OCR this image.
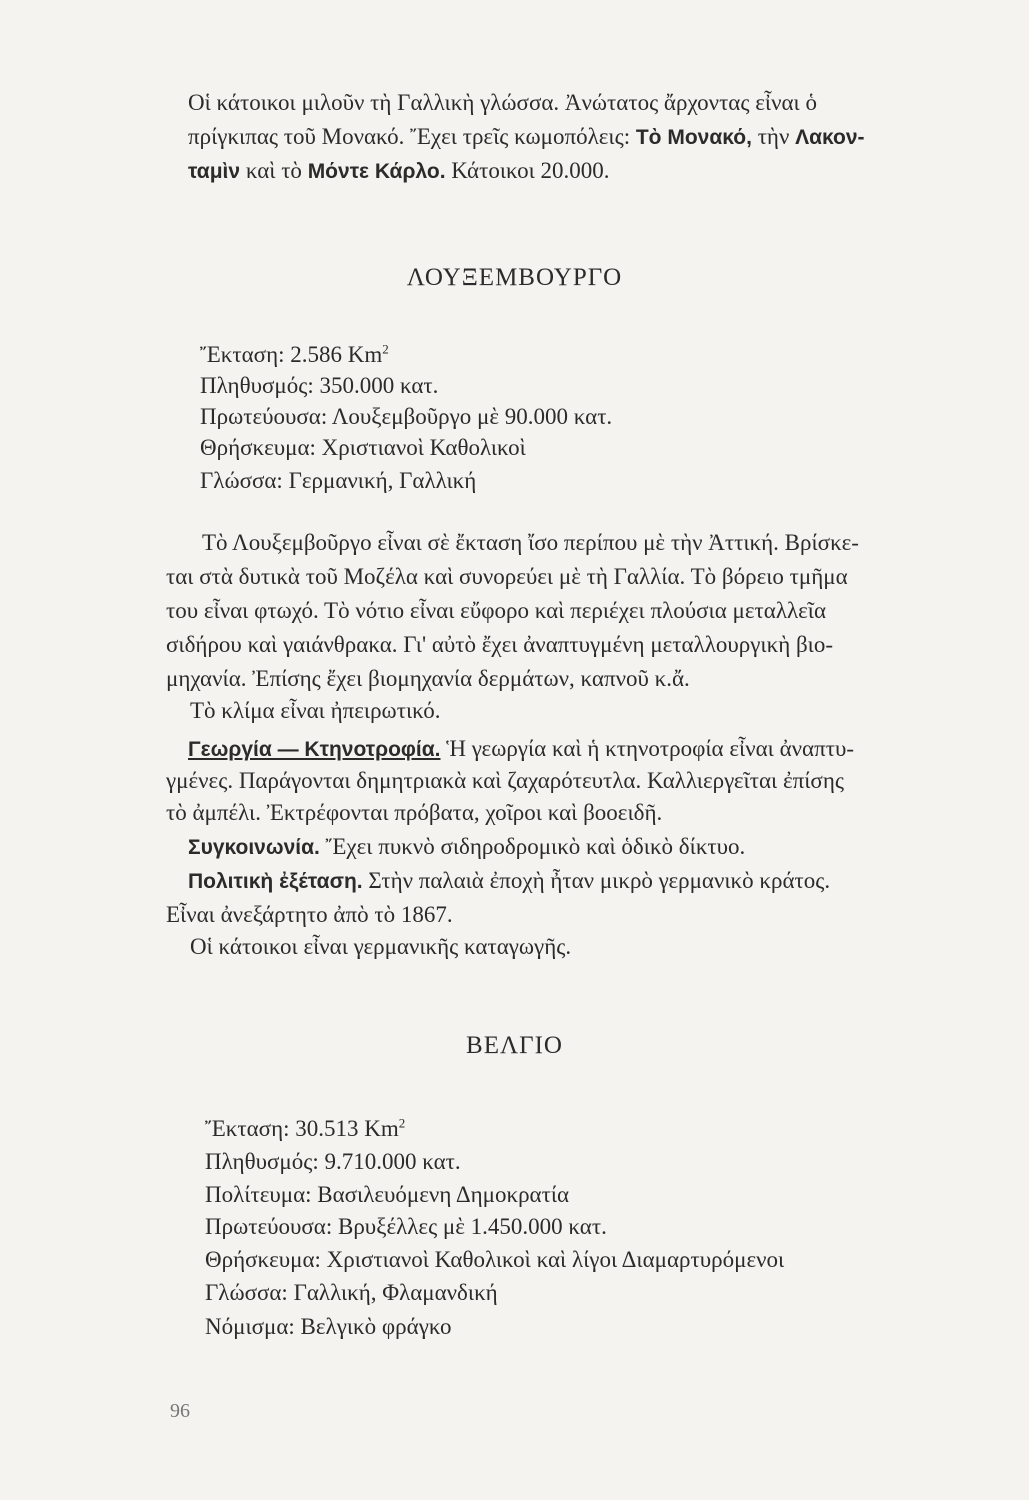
Οἱ κάτοικοι μιλοῦν τὴ Γαλλικὴ γλώσσα. Ἀνώτατος ἄρχοντας εἶναι ὁ
πρίγκιπας τοῦ Μονακό. Ἔχει τρεῖς κωμοπόλεις: Τὸ Μονακό, τὴν Λακον-
ταμὶν καὶ τὸ Μόντε Κάρλο. Κάτοικοι 20.000.
ΛΟΥΞΕΜΒΟΥΡΓΟ
Ἔκταση: 2.586 Km$^2$
Πληθυσμός: 350.000 κατ.
Πρωτεύουσα: Λουξεμβοῦργο μὲ 90.000 κατ.
Θρήσκευμα: Χριστιανοὶ Καθολικοὶ
Γλώσσα: Γερμανική, Γαλλική
Τὸ Λουξεμβοῦργο εἶναι σὲ ἔκταση ἴσο περίπου μὲ τὴν Ἀττική. Βρίσκε-
ται στὰ δυτικὰ τοῦ Μοζέλα καὶ συνορεύει μὲ τὴ Γαλλία. Τὸ βόρειο τμῆμα
του εἶναι φτωχό. Τὸ νότιο εἶναι εὔφορο καὶ περιέχει πλούσια μεταλλεῖα
σιδήρου καὶ γαιάνθρακα. Γι' αὐτὸ ἔχει ἀναπτυγμένη μεταλλουργικὴ βιο-
μηχανία. Ἐπίσης ἔχει βιομηχανία δερμάτων, καπνοῦ κ.ἄ.
Τὸ κλίμα εἶναι ἠπειρωτικό.
Γεωργία — Κτηνοτροφία. Ἡ γεωργία καὶ ἡ κτηνοτροφία εἶναι ἀναπτυ-
γμένες. Παράγονται δημητριακὰ καὶ ζαχαρότευτλα. Καλλιεργεῖται ἐπίσης
τὸ ἀμπέλι. Ἐκτρέφονται πρόβατα, χοῖροι καὶ βοοειδῆ.
Συγκοινωνία. Ἔχει πυκνὸ σιδηροδρομικὸ καὶ ὁδικὸ δίκτυο.
Πολιτικὴ ἐξέταση. Στὴν παλαιὰ ἐποχὴ ἦταν μικρὸ γερμανικὸ κράτος.
Εἶναι ἀνεξάρτητο ἀπὸ τὸ 1867.
Οἱ κάτοικοι εἶναι γερμανικῆς καταγωγῆς.
ΒΕΛΓΙΟ
Ἔκταση: 30.513 Km$^2$
Πληθυσμός: 9.710.000 κατ.
Πολίτευμα: Βασιλευόμενη Δημοκρατία
Πρωτεύουσα: Βρυξέλλες μὲ 1.450.000 κατ.
Θρήσκευμα: Χριστιανοὶ Καθολικοὶ καὶ λίγοι Διαμαρτυρόμενοι
Γλώσσα: Γαλλική, Φλαμανδική
Νόμισμα: Βελγικὸ φράγκο
96
